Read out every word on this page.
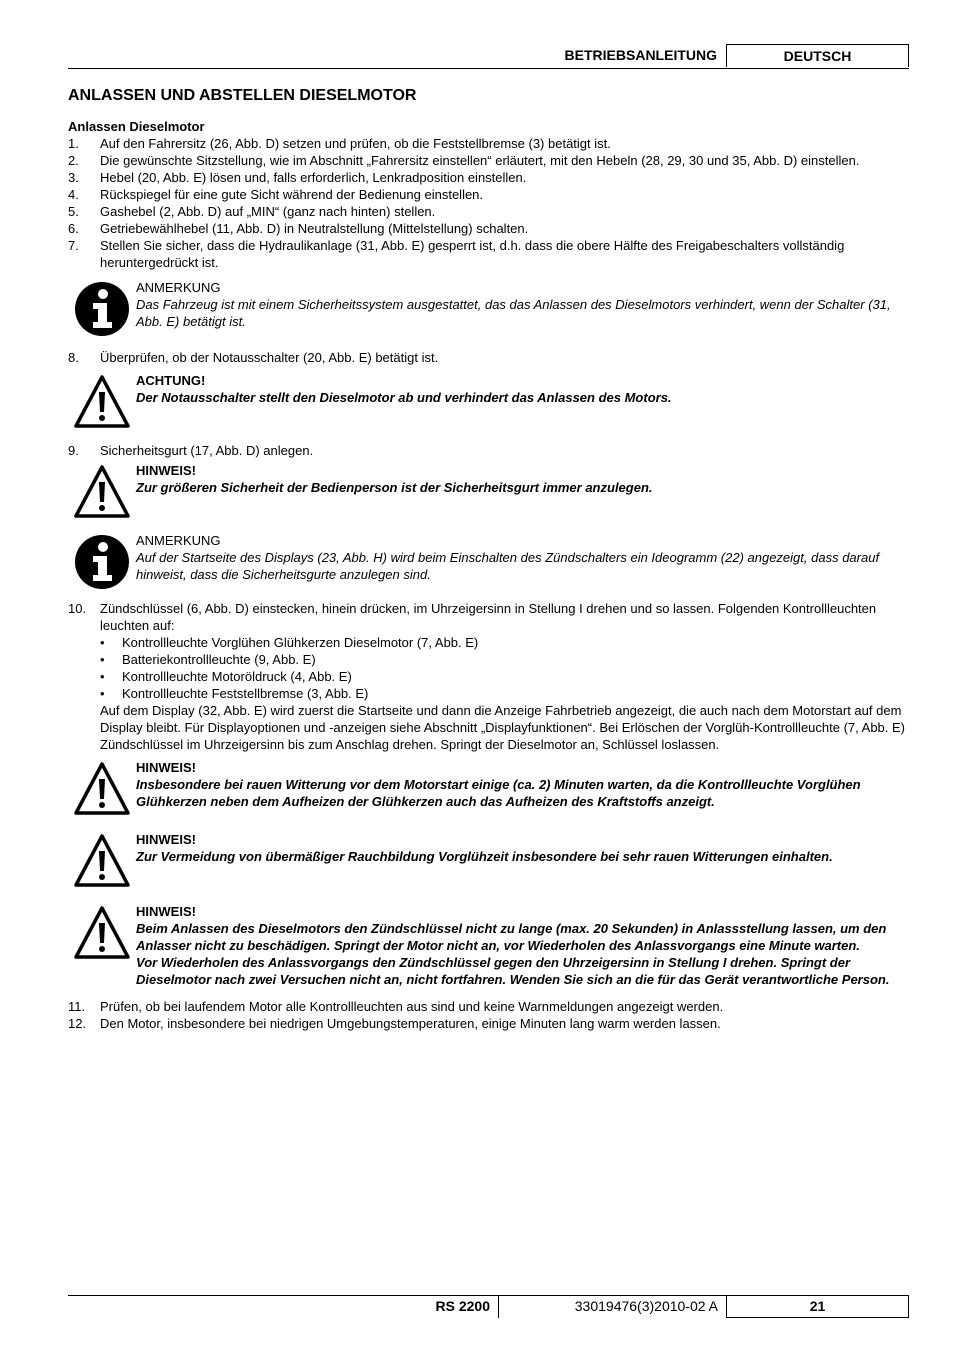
BETRIEBSANLEITUNG	DEUTSCH
ANLASSEN UND ABSTELLEN DIESELMOTOR
Anlassen Dieselmotor
1. Auf den Fahrersitz (26, Abb. D) setzen und prüfen, ob die Feststellbremse (3) betätigt ist.
2. Die gewünschte Sitzstellung, wie im Abschnitt „Fahrersitz einstellen“ erläutert, mit den Hebeln (28, 29, 30 und 35, Abb. D) einstellen.
3. Hebel (20, Abb. E) lösen und, falls erforderlich, Lenkradposition einstellen.
4. Rückspiegel für eine gute Sicht während der Bedienung einstellen.
5. Gashebel (2, Abb. D) auf „MIN“ (ganz nach hinten) stellen.
6. Getriebewählhebel (11, Abb. D) in Neutralstellung (Mittelstellung) schalten.
7. Stellen Sie sicher, dass die Hydraulikanlage (31, Abb. E) gesperrt ist, d.h. dass die obere Hälfte des Freigabeschalters vollständig heruntergedrückt ist.
ANMERKUNG
Das Fahrzeug ist mit einem Sicherheitssystem ausgestattet, das das Anlassen des Dieselmotors verhindert, wenn der Schalter (31, Abb. E) betätigt ist.
8. Überprüfen, ob der Notausschalter (20, Abb. E) betätigt ist.
ACHTUNG!
Der Notausschalter stellt den Dieselmotor ab und verhindert das Anlassen des Motors.
9. Sicherheitsgurt (17, Abb. D) anlegen.
HINWEIS!
Zur größeren Sicherheit der Bedienperson ist der Sicherheitsgurt immer anzulegen.
ANMERKUNG
Auf der Startseite des Displays (23, Abb. H) wird beim Einschalten des Zündschalters ein Ideogramm (22) angezeigt, dass darauf hinweist, dass die Sicherheitsgurte anzulegen sind.
10. Zündschlüssel (6, Abb. D) einstecken, hinein drücken, im Uhrzeigersinn in Stellung I drehen und so lassen. Folgenden Kontrollleuchten leuchten auf:
• Kontrollleuchte Vorglühen Glühkerzen Dieselmotor (7, Abb. E)
• Batteriekontrollleuchte (9, Abb. E)
• Kontrollleuchte Motoröldruck (4, Abb. E)
• Kontrollleuchte Feststellbremse (3, Abb. E)
Auf dem Display (32, Abb. E) wird zuerst die Startseite und dann die Anzeige Fahrbetrieb angezeigt, die auch nach dem Motorstart auf dem Display bleibt. Für Displayoptionen und -anzeigen siehe Abschnitt „Displayfunktionen“. Bei Erlöschen der Vorglüh-Kontrollleuchte (7, Abb. E) Zündschlüssel im Uhrzeigersinn bis zum Anschlag drehen. Springt der Dieselmotor an, Schlüssel loslassen.
HINWEIS!
Insbesondere bei rauen Witterung vor dem Motorstart einige (ca. 2) Minuten warten, da die Kontrollleuchte Vorglühen Glühkerzen neben dem Aufheizen der Glühkerzen auch das Aufheizen des Kraftstoffs anzeigt.
HINWEIS!
Zur Vermeidung von übermäßiger Rauchbildung Vorglühzeit insbesondere bei sehr rauen Witterungen einhalten.
HINWEIS!
Beim Anlassen des Dieselmotors den Zündschlüssel nicht zu lange (max. 20 Sekunden) in Anlassstellung lassen, um den Anlasser nicht zu beschädigen. Springt der Motor nicht an, vor Wiederholen des Anlassvorgangs eine Minute warten.
Vor Wiederholen des Anlassvorgangs den Zündschlüssel gegen den Uhrzeigersinn in Stellung I drehen. Springt der Dieselmotor nach zwei Versuchen nicht an, nicht fortfahren. Wenden Sie sich an die für das Gerät verantwortliche Person.
11. Prüfen, ob bei laufendem Motor alle Kontrollleuchten aus sind und keine Warnmeldungen angezeigt werden.
12. Den Motor, insbesondere bei niedrigen Umgebungstemperaturen, einige Minuten lang warm werden lassen.
RS 2200	33019476(3)2010-02 A	21
